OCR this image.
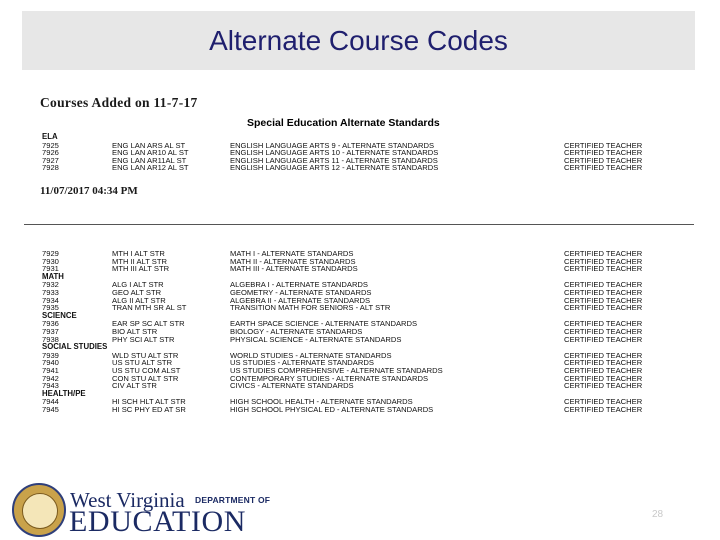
Alternate Course Codes
Courses Added on 11-7-17
Special Education Alternate Standards
ELA
7925	ENG LAN ARS AL ST	ENGLISH LANGUAGE ARTS 9 - ALTERNATE STANDARDS	CERTIFIED TEACHER
7926	ENG LAN AR10 AL ST	ENGLISH LANGUAGE ARTS 10 - ALTERNATE STANDARDS	CERTIFIED TEACHER
7927	ENG LAN AR11AL ST	ENGLISH LANGUAGE ARTS 11 - ALTERNATE STANDARDS	CERTIFIED TEACHER
7928	ENG LAN AR12 AL ST	ENGLISH LANGUAGE ARTS 12 - ALTERNATE STANDARDS	CERTIFIED TEACHER
11/07/2017 04:34 PM
7929	MTH I ALT STR	MATH I - ALTERNATE STANDARDS	CERTIFIED TEACHER
7930	MTH II ALT STR	MATH II - ALTERNATE STANDARDS	CERTIFIED TEACHER
7931	MTH III ALT STR	MATH III - ALTERNATE STANDARDS	CERTIFIED TEACHER
MATH
7932	ALG I ALT STR	ALGEBRA I - ALTERNATE STANDARDS	CERTIFIED TEACHER
7933	GEO ALT STR	GEOMETRY - ALTERNATE STANDARDS	CERTIFIED TEACHER
7934	ALG II ALT STR	ALGEBRA II - ALTERNATE STANDARDS	CERTIFIED TEACHER
7935	TRAN MTH SR AL ST	TRANSITION MATH FOR SENIORS - ALT STR	CERTIFIED TEACHER
SCIENCE
7936	EAR SP SC ALT STR	EARTH SPACE SCIENCE - ALTERNATE STANDARDS	CERTIFIED TEACHER
7937	BIO ALT STR	BIOLOGY - ALTERNATE STANDARDS	CERTIFIED TEACHER
7938	PHY SCI ALT STR	PHYSICAL SCIENCE - ALTERNATE STANDARDS	CERTIFIED TEACHER
SOCIAL STUDIES
7939	WLD STU ALT STR	WORLD STUDIES - ALTERNATE STANDARDS	CERTIFIED TEACHER
7940	US STU ALT STR	US STUDIES - ALTERNATE STANDARDS	CERTIFIED TEACHER
7941	US STU COM ALST	US STUDIES COMPREHENSIVE - ALTERNATE STANDARDS	CERTIFIED TEACHER
7942	CON STU ALT STR	CONTEMPORARY STUDIES - ALTERNATE STANDARDS	CERTIFIED TEACHER
7943	CIV ALT STR	CIVICS - ALTERNATE STANDARDS	CERTIFIED TEACHER
HEALTH/PE
7944	HI SCH HLT ALT STR	HIGH SCHOOL HEALTH - ALTERNATE STANDARDS	CERTIFIED TEACHER
7945	HI SC PHY ED AT SR	HIGH SCHOOL PHYSICAL ED - ALTERNATE STANDARDS	CERTIFIED TEACHER
West Virginia DEPARTMENT OF
EDUCATION	28
